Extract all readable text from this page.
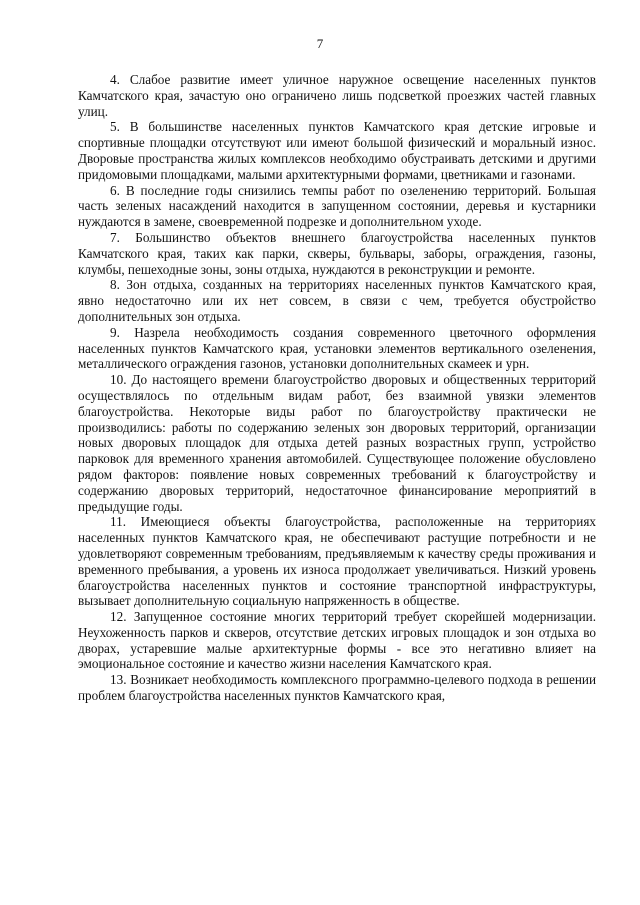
7

4. Слабое развитие имеет уличное наружное освещение населенных пунктов Камчатского края, зачастую оно ограничено лишь подсветкой проезжих частей главных улиц.

5. В большинстве населенных пунктов Камчатского края детские игровые и спортивные площадки отсутствуют или имеют большой физический и моральный износ. Дворовые пространства жилых комплексов необходимо обустраивать детскими и другими придомовыми площадками, малыми архитектурными формами, цветниками и газонами.

6. В последние годы снизились темпы работ по озеленению территорий. Большая часть зеленых насаждений находится в запущенном состоянии, деревья и кустарники нуждаются в замене, своевременной подрезке и дополнительном уходе.

7. Большинство объектов внешнего благоустройства населенных пунктов Камчатского края, таких как парки, скверы, бульвары, заборы, ограждения, газоны, клумбы, пешеходные зоны, зоны отдыха, нуждаются в реконструкции и ремонте.

8. Зон отдыха, созданных на территориях населенных пунктов Камчатского края, явно недостаточно или их нет совсем, в связи с чем, требуется обустройство дополнительных зон отдыха.

9. Назрела необходимость создания современного цветочного оформления населенных пунктов Камчатского края, установки элементов вертикального озеленения, металлического ограждения газонов, установки дополнительных скамеек и урн.

10. До настоящего времени благоустройство дворовых и общественных территорий осуществлялось по отдельным видам работ, без взаимной увязки элементов благоустройства. Некоторые виды работ по благоустройству практически не производились: работы по содержанию зеленых зон дворовых территорий, организации новых дворовых площадок для отдыха детей разных возрастных групп, устройство парковок для временного хранения автомобилей. Существующее положение обусловлено рядом факторов: появление новых современных требований к благоустройству и содержанию дворовых территорий, недостаточное финансирование мероприятий в предыдущие годы.

11. Имеющиеся объекты благоустройства, расположенные на территориях населенных пунктов Камчатского края, не обеспечивают растущие потребности и не удовлетворяют современным требованиям, предъявляемым к качеству среды проживания и временного пребывания, а уровень их износа продолжает увеличиваться. Низкий уровень благоустройства населенных пунктов и состояние транспортной инфраструктуры, вызывает дополнительную социальную напряженность в обществе.

12. Запущенное состояние многих территорий требует скорейшей модернизации. Неухоженность парков и скверов, отсутствие детских игровых площадок и зон отдыха во дворах, устаревшие малые архитектурные формы - все это негативно влияет на эмоциональное состояние и качество жизни населения Камчатского края.

13. Возникает необходимость комплексного программно-целевого подхода в решении проблем благоустройства населенных пунктов Камчатского края,
